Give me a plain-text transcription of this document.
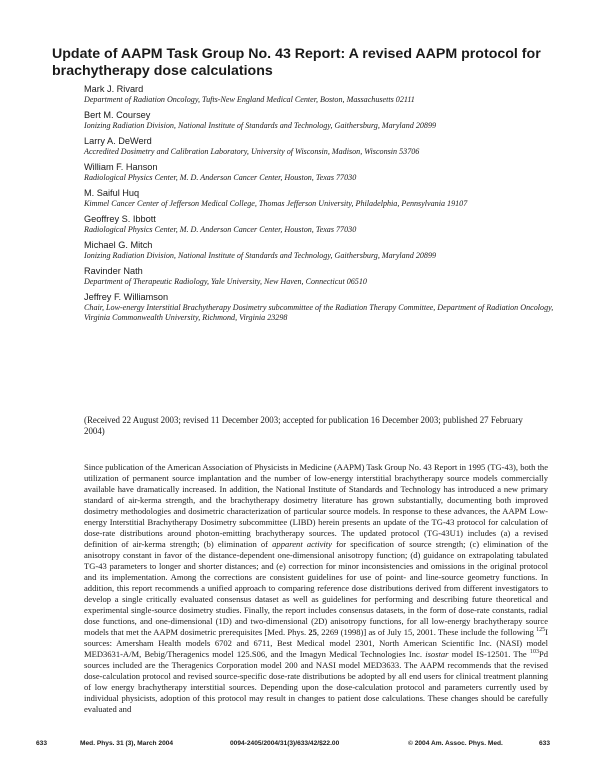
Update of AAPM Task Group No. 43 Report: A revised AAPM protocol for brachytherapy dose calculations
Mark J. Rivard
Department of Radiation Oncology, Tufts-New England Medical Center, Boston, Massachusetts 02111
Bert M. Coursey
Ionizing Radiation Division, National Institute of Standards and Technology, Gaithersburg, Maryland 20899
Larry A. DeWerd
Accredited Dosimetry and Calibration Laboratory, University of Wisconsin, Madison, Wisconsin 53706
William F. Hanson
Radiological Physics Center, M. D. Anderson Cancer Center, Houston, Texas 77030
M. Saiful Huq
Kimmel Cancer Center of Jefferson Medical College, Thomas Jefferson University, Philadelphia, Pennsylvania 19107
Geoffrey S. Ibbott
Radiological Physics Center, M. D. Anderson Cancer Center, Houston, Texas 77030
Michael G. Mitch
Ionizing Radiation Division, National Institute of Standards and Technology, Gaithersburg, Maryland 20899
Ravinder Nath
Department of Therapeutic Radiology, Yale University, New Haven, Connecticut 06510
Jeffrey F. Williamson
Chair, Low-energy Interstitial Brachytherapy Dosimetry subcommittee of the Radiation Therapy Committee, Department of Radiation Oncology, Virginia Commonwealth University, Richmond, Virginia 23298
(Received 22 August 2003; revised 11 December 2003; accepted for publication 16 December 2003; published 27 February 2004)

Since publication of the American Association of Physicists in Medicine (AAPM) Task Group No. 43 Report in 1995 (TG-43), both the utilization of permanent source implantation and the number of low-energy interstitial brachytherapy source models commercially available have dramatically increased. In addition, the National Institute of Standards and Technology has introduced a new primary standard of air-kerma strength, and the brachytherapy dosimetry literature has grown substantially, documenting both improved dosimetry methodologies and dosimetric characterization of particular source models. In response to these advances, the AAPM Low-energy Interstitial Brachytherapy Dosimetry subcommittee (LIBD) herein presents an update of the TG-43 protocol for calculation of dose-rate distributions around photon-emitting brachytherapy sources. The updated protocol (TG-43U1) includes (a) a revised definition of air-kerma strength; (b) elimination of apparent activity for specification of source strength; (c) elimination of the anisotropy constant in favor of the distance-dependent one-dimensional anisotropy function; (d) guidance on extrapolating tabulated TG-43 parameters to longer and shorter distances; and (e) correction for minor inconsistencies and omissions in the original protocol and its implementation. Among the corrections are consistent guidelines for use of point- and line-source geometry functions. In addition, this report recommends a unified approach to comparing reference dose distributions derived from different investigators to develop a single critically evaluated consensus dataset as well as guidelines for performing and describing future theoretical and experimental single-source dosimetry studies. Finally, the report includes consensus datasets, in the form of dose-rate constants, radial dose functions, and one-dimensional (1D) and two-dimensional (2D) anisotropy functions, for all low-energy brachytherapy source models that met the AAPM dosimetric prerequisites [Med. Phys. 25, 2269 (1998)] as of July 15, 2001. These include the following $^{125}$I sources: Amersham Health models 6702 and 6711, Best Medical model 2301, North American Scientific Inc. (NASI) model MED3631-A/M, Bebig/Theragenics model 125.S06, and the Imagyn Medical Technologies Inc. isostar model IS-12501. The $^{103}$Pd sources included are the Theragenics Corporation model 200 and NASI model MED3633. The AAPM recommends that the revised dose-calculation protocol and revised source-specific dose-rate distributions be adopted by all end users for clinical treatment planning of low energy brachytherapy interstitial sources. Depending upon the dose-calculation protocol and parameters currently used by individual physicists, adoption of this protocol may result in changes to patient dose calculations. These changes should be carefully evaluated and

633	Med. Phys. 31 (3), March 2004	0094-2405/2004/31(3)/633/42/$22.00	© 2004 Am. Assoc. Phys. Med.	633
